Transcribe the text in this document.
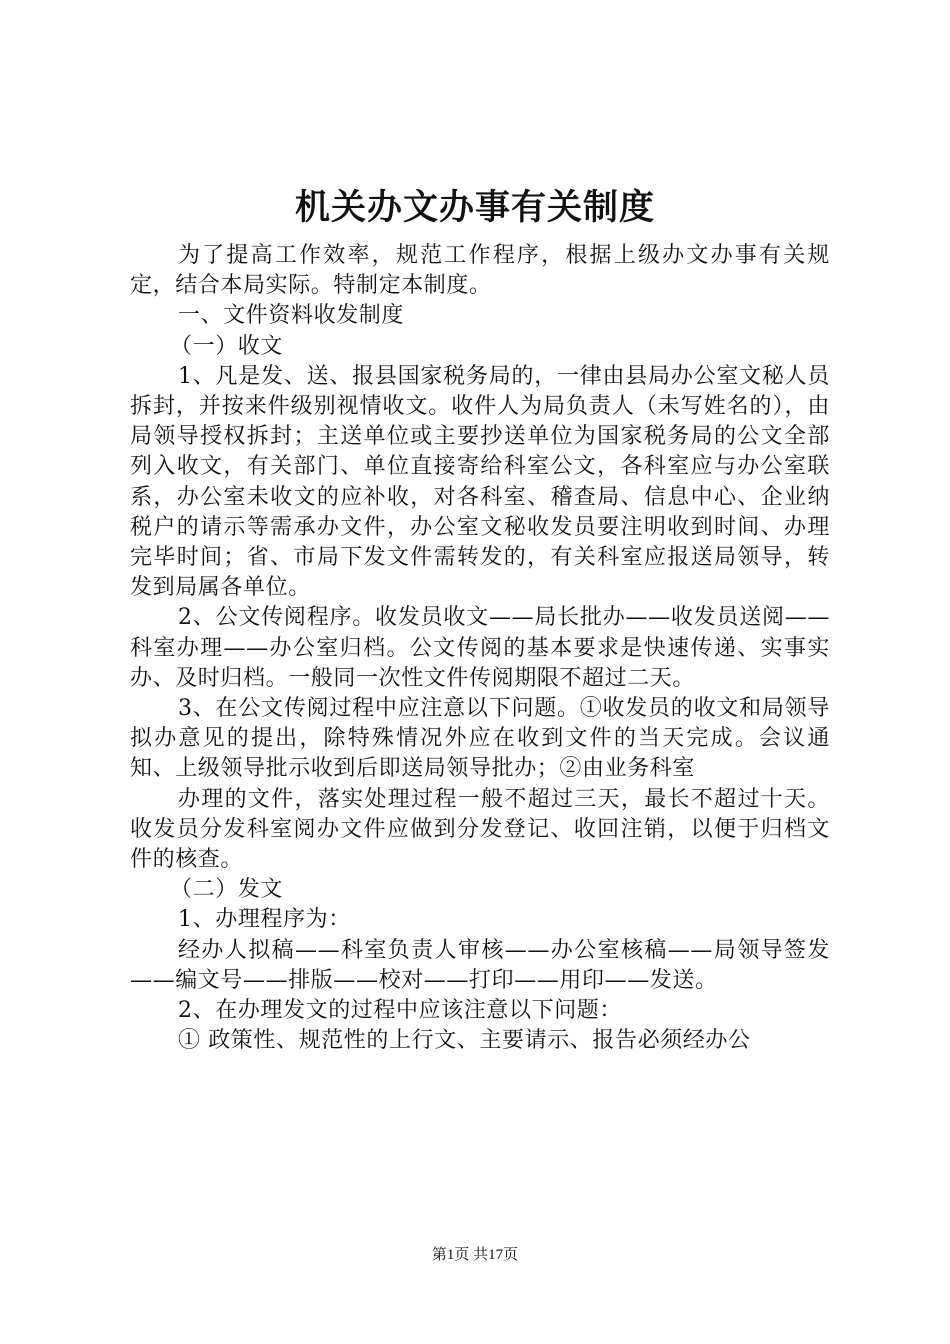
机关办文办事有关制度

为了提高工作效率，规范工作程序，根据上级办文办事有关规定，结合本局实际。特制定本制度。

一、文件资料收发制度

（一）收文

1、凡是发、送、报县国家税务局的，一律由县局办公室文秘人员拆封，并按来件级别视情收文。收件人为局负责人（未写姓名的），由局领导授权拆封；主送单位或主要抄送单位为国家税务局的公文全部列入收文，有关部门、单位直接寄给科室公文，各科室应与办公室联系，办公室未收文的应补收，对各科室、稽查局、信息中心、企业纳税户的请示等需承办文件，办公室文秘收发员要注明收到时间、办理完毕时间；省、市局下发文件需转发的，有关科室应报送局领导，转发到局属各单位。

2、公文传阅程序。收发员收文——局长批办——收发员送阅——科室办理——办公室归档。公文传阅的基本要求是快速传递、实事实办、及时归档。一般同一次性文件传阅期限不超过二天。

3、在公文传阅过程中应注意以下问题。①收发员的收文和局领导拟办意见的提出，除特殊情况外应在收到文件的当天完成。会议通知、上级领导批示收到后即送局领导批办；②由业务科室

办理的文件，落实处理过程一般不超过三天，最长不超过十天。收发员分发科室阅办文件应做到分发登记、收回注销，以便于归档文件的核查。

（二）发文

1、办理程序为：

经办人拟稿——科室负责人审核——办公室核稿——局领导签发——编文号——排版——校对——打印——用印——发送。

2、在办理发文的过程中应该注意以下问题：

① 政策性、规范性的上行文、主要请示、报告必须经办公

第1页 共17页
